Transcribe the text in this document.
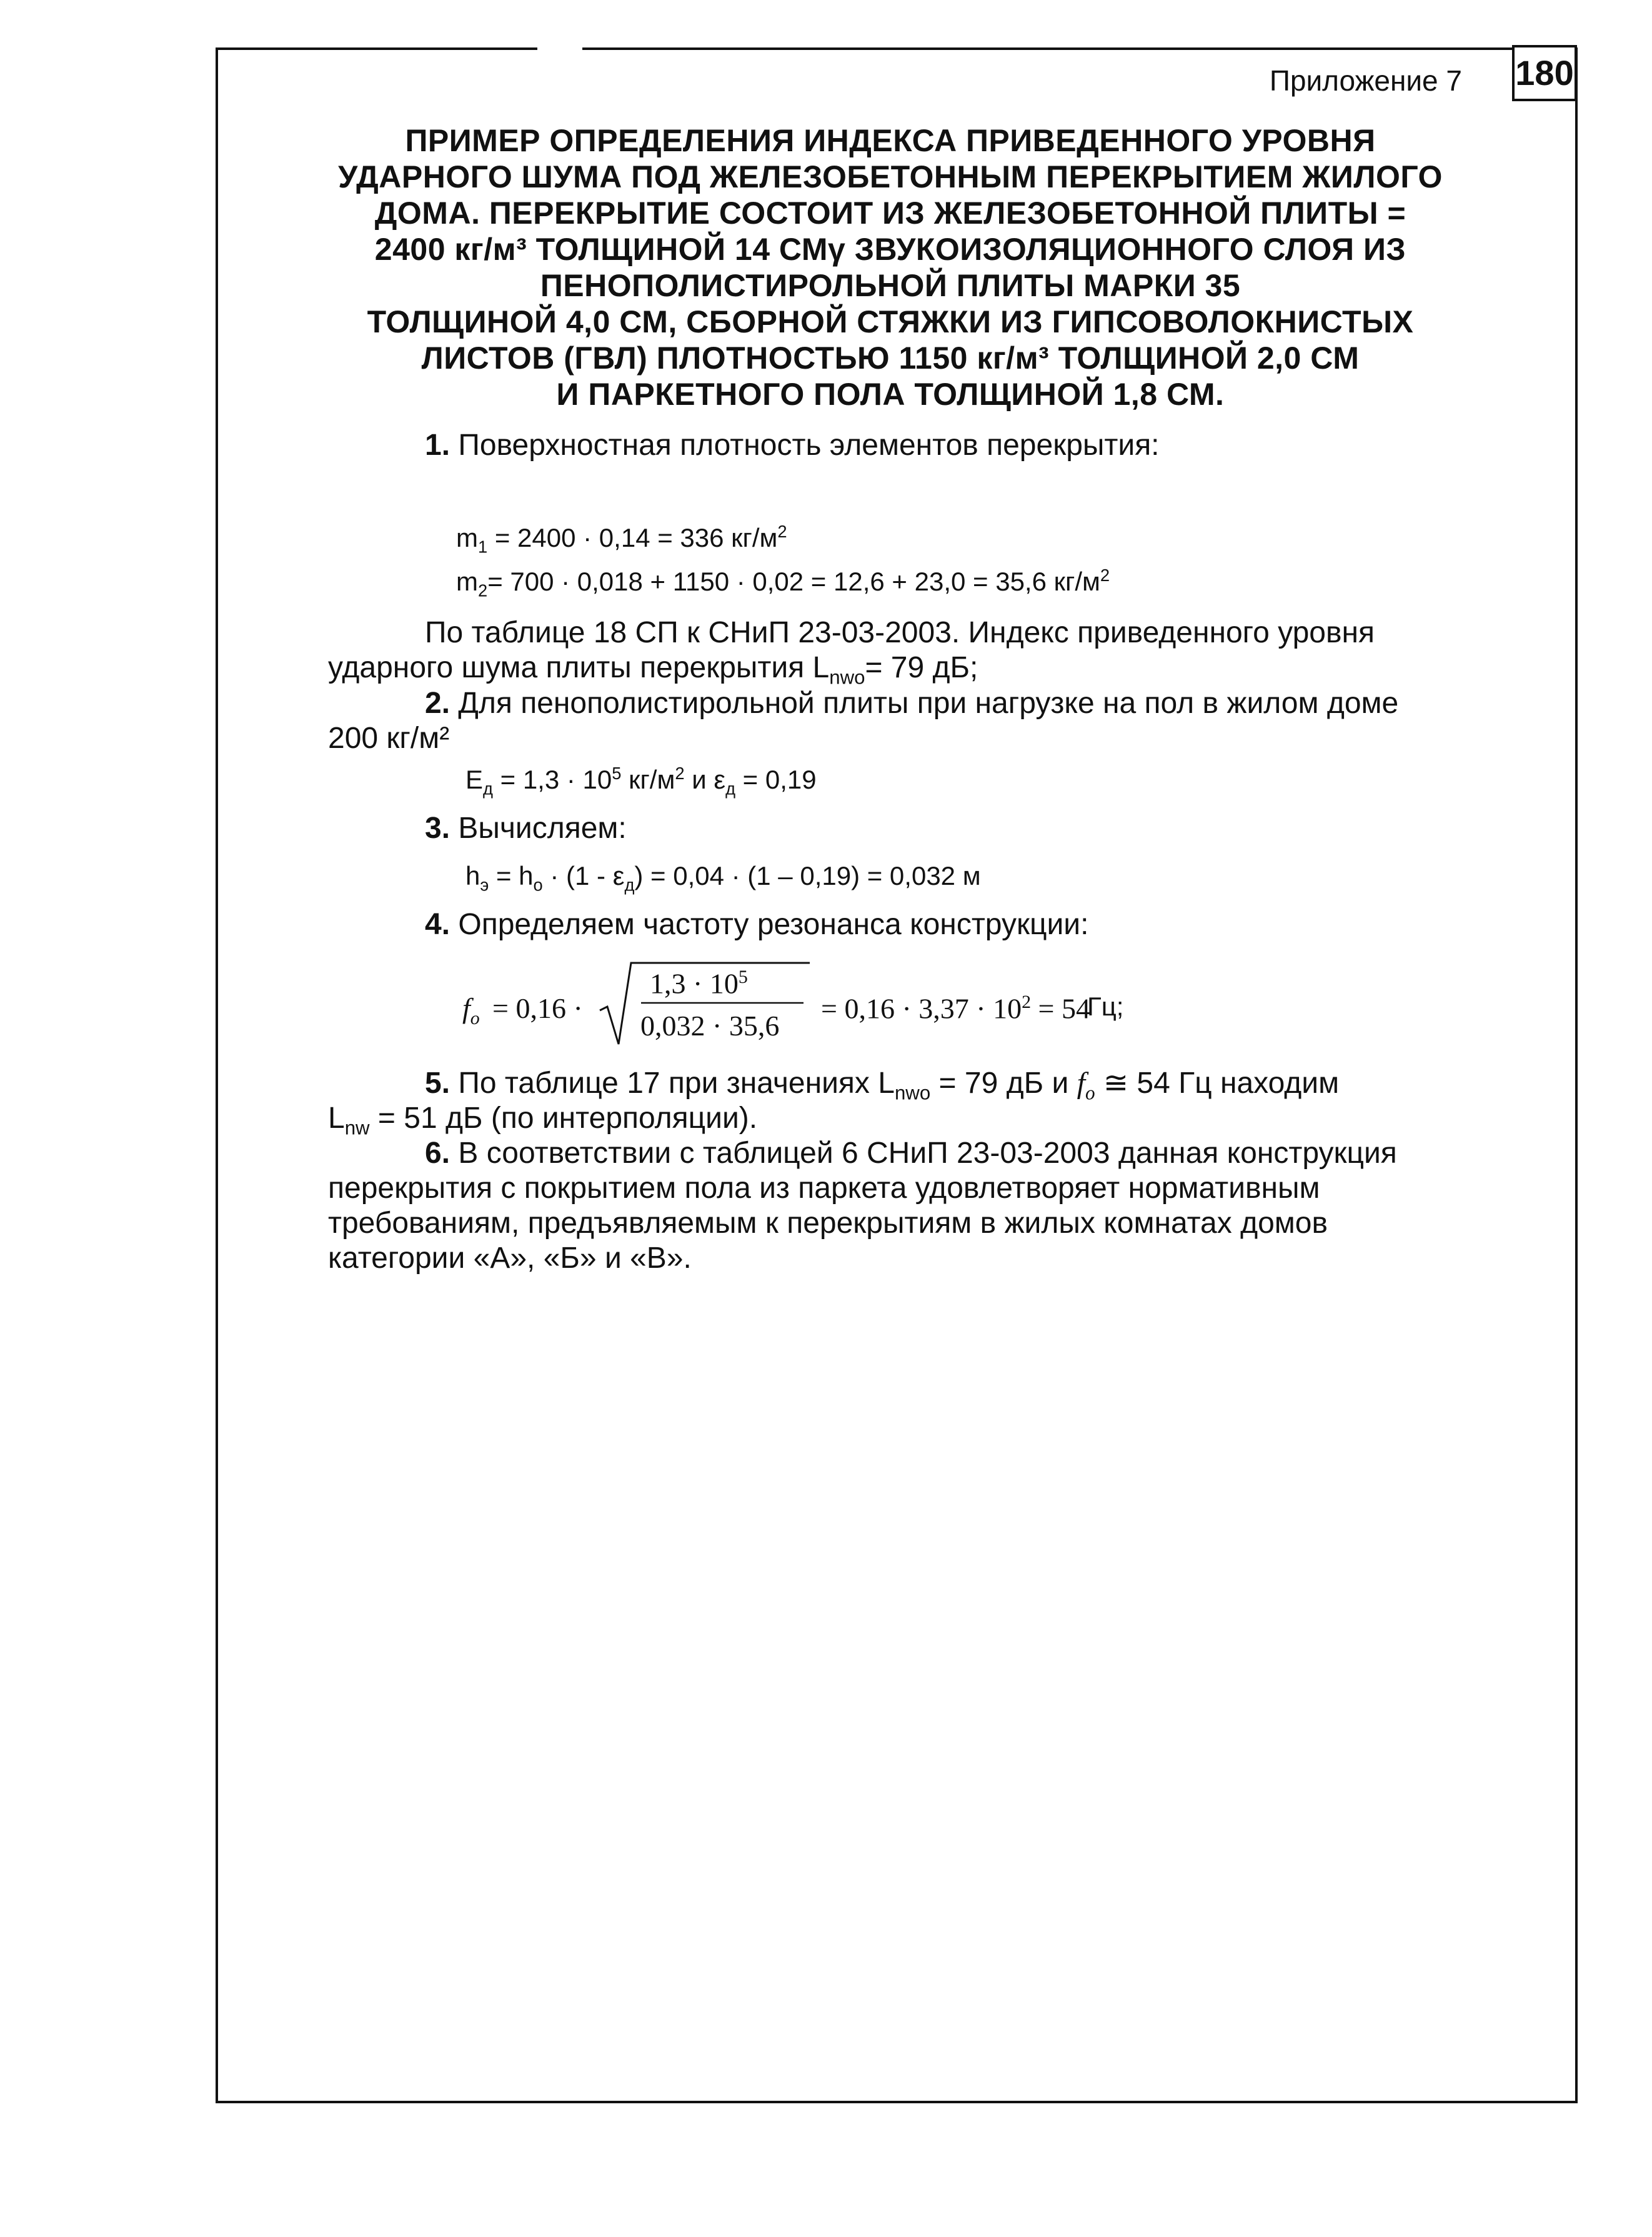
Приложение 7 180
ПРИМЕР ОПРЕДЕЛЕНИЯ ИНДЕКСА ПРИВЕДЕННОГО УРОВНЯ
УДАРНОГО ШУМА ПОД ЖЕЛЕЗОБЕТОННЫМ ПЕРЕКРЫТИЕМ ЖИЛОГО
ДОМА. ПЕРЕКРЫТИЕ СОСТОИТ ИЗ ЖЕЛЕЗОБЕТОННОЙ ПЛИТЫ =
2400 кг/м³ ТОЛЩИНОЙ 14 СМγ ЗВУКОИЗОЛЯЦИОННОГО СЛОЯ ИЗ
ПЕНОПОЛИСТИРОЛЬНОЙ ПЛИТЫ МАРКИ 35
ТОЛЩИНОЙ 4,0 СМ, СБОРНОЙ СТЯЖКИ ИЗ ГИПСОВОЛОКНИСТЫХ
ЛИСТОВ (ГВЛ) ПЛОТНОСТЬЮ 1150 кг/м³ ТОЛЩИНОЙ 2,0 СМ
И ПАРКЕТНОГО ПОЛА ТОЛЩИНОЙ 1,8 СМ.
1. Поверхностная плотность элементов перекрытия:
$m_1 = 2400 \cdot 0,14 = 336$ $кг/м^2$
$m_2= 700 \cdot 0,018 + 1150 \cdot 0,02 = 12,6 + 23,0 = 35,6$ $кг/м^2$
По таблице 18 СП к СНиП 23-03-2003. Индекс приведенного уровня
ударного шума плиты перекрытия $L_{nwo}= 79$ дБ;
2. Для пенополистирольной плиты при нагрузке на пол в жилом доме
200 кг/м²
$E_д = 1,3 \cdot 10^5$ $кг/м^2$ и $\varepsilon_д = 0,19$
3. Вычисляем:
$h_э = h_o \cdot (1 - \varepsilon_д) = 0,04 \cdot (1 - 0,19) = 0,032$ м
4. Определяем частоту резонанса конструкции:
$f_o = 0,16$ ·
$1,3 \cdot 10^5$
0,032 · 35,6
= $0,16 \cdot 3,37 \cdot 10^2 = 54$
Гц;
5. По таблице 17 при значениях $L_{nwo} = 79$ дБ и $f_o$ ≅ 54 Гц находим
$L_{nw} = 51$ дБ (по интерполяции).
6. В соответствии с таблицей 6 СНиП 23-03-2003 данная конструкция
перекрытия с покрытием пола из паркета удовлетворяет нормативным
требованиям, предъявляемым к перекрытиям в жилых комнатах домов
категории «А», «Б» и «В».
